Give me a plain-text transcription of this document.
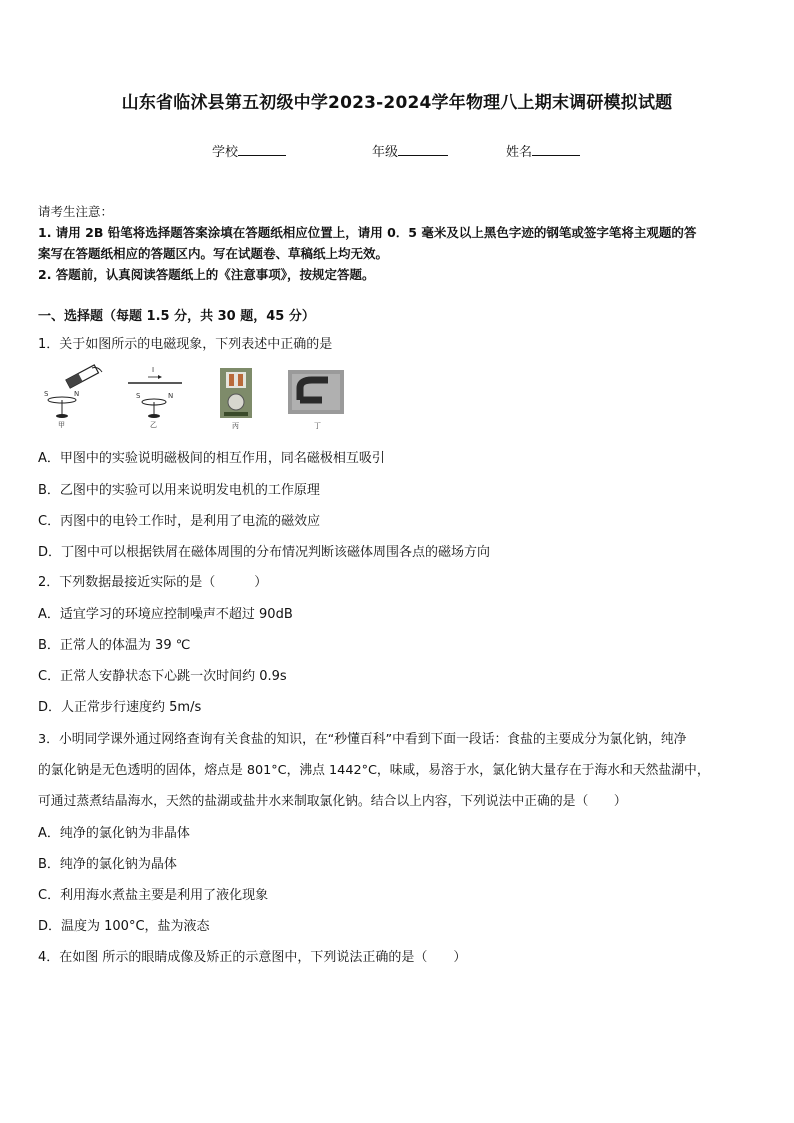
山东省临沭县第五初级中学2023-2024学年物理八上期末调研模拟试题
学校	年级	姓名
请考生注意：
1. 请用 2B 铅笔将选择题答案涂填在答题纸相应位置上，请用 0．5 毫米及以上黑色字迹的钢笔或签字笔将主观题的答
案写在答题纸相应的答题区内。写在试题卷、草稿纸上均无效。
2. 答题前，认真阅读答题纸上的《注意事项》，按规定答题。
一、选择题（每题 1.5 分，共 30 题，45 分）
1．关于如图所示的电磁现象，下列表述中正确的是
S	N
甲
I
S	N
乙	丙	丁
A．甲图中的实验说明磁极间的相互作用，同名磁极相互吸引
B．乙图中的实验可以用来说明发电机的工作原理
C．丙图中的电铃工作时，是利用了电流的磁效应
D．丁图中可以根据铁屑在磁体周围的分布情况判断该磁体周围各点的磁场方向
2．下列数据最接近实际的是（　　　）
A．适宜学习的环境应控制噪声不超过 90dB
B．正常人的体温为 39 ℃
C．正常人安静状态下心跳一次时间约 0.9s
D．人正常步行速度约 5m/s
3．小明同学课外通过网络查询有关食盐的知识，在“秒懂百科”中看到下面一段话：食盐的主要成分为氯化钠，纯净
的氯化钠是无色透明的固体，熔点是 801°C，沸点 1442°C，味咸，易溶于水，氯化钠大量存在于海水和天然盐湖中，
可通过蒸煮结晶海水，天然的盐湖或盐井水来制取氯化钠。结合以上内容，下列说法中正确的是（　　）
A．纯净的氯化钠为非晶体
B．纯净的氯化钠为晶体
C．利用海水煮盐主要是利用了液化现象
D．温度为 100°C，盐为液态
4．在如图 所示的眼睛成像及矫正的示意图中，下列说法正确的是（　　）
